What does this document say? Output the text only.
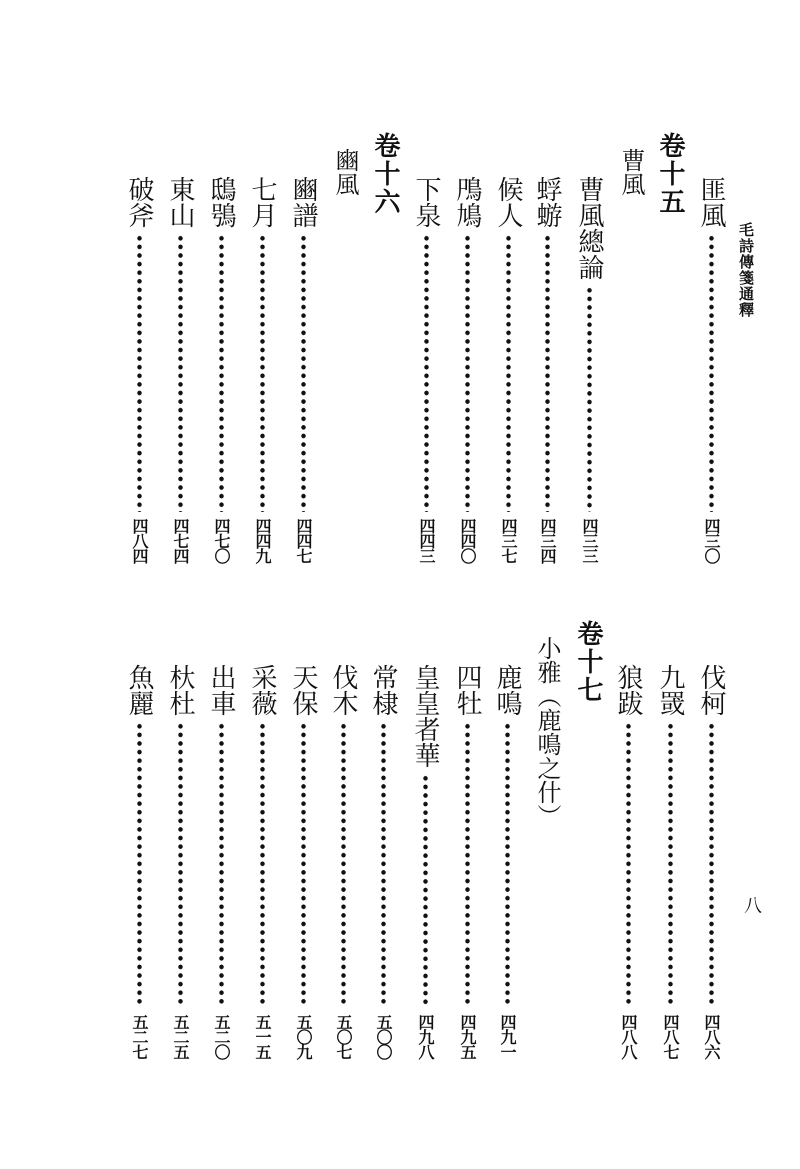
毛詩傳箋通釋
八
匪風
四三〇
卷十五
曹風
曹風總論
四三三
蜉蝣
四三四
候人
四三七
鳲鳩
四四〇
下泉
四四三
卷十六
豳風
豳譜
四四七
七月
四四九
鴟鴞
四七〇
東山
四七四
破斧
四八四
伐柯
四八六
九罭
四八七
狼跋
四八八
卷十七
小雅（鹿鳴之什）
鹿鳴
四九一
四牡
四九五
皇皇者華
四九八
常棣
五〇〇
伐木
五〇七
天保
五〇九
采薇
五一五
出車
五二〇
杕杜
五二五
魚麗
五二七
